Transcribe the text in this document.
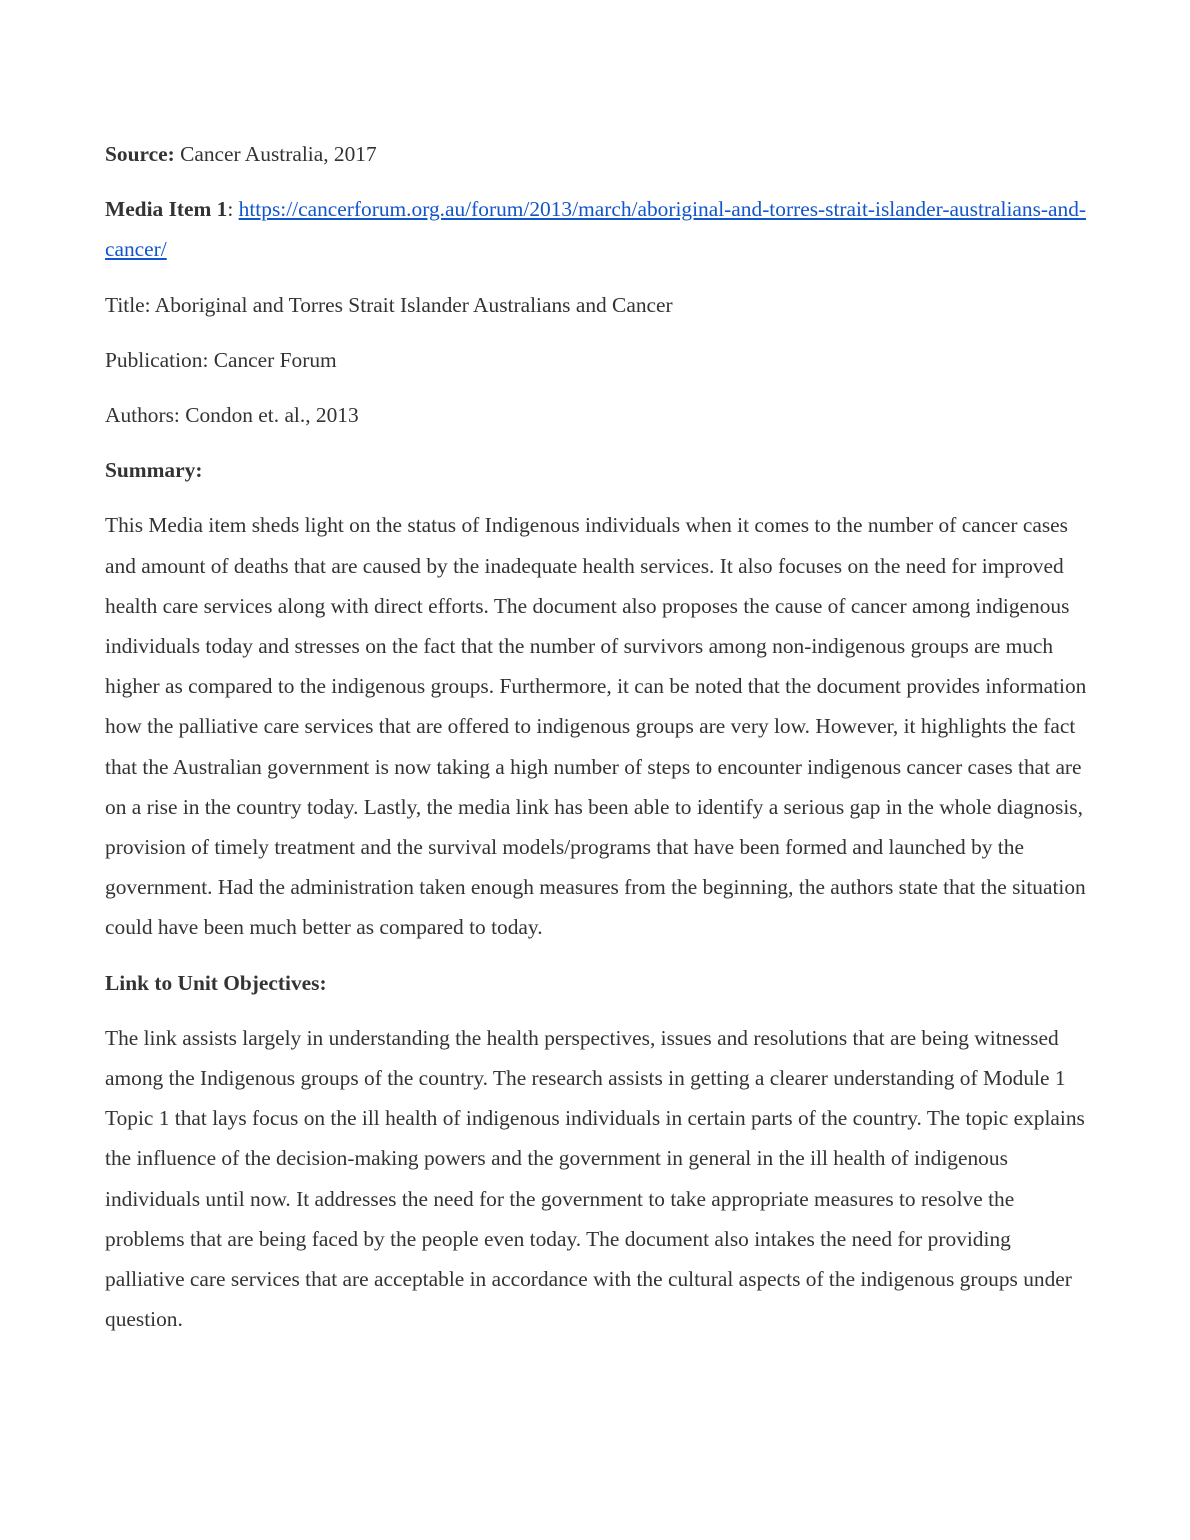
Source: Cancer Australia, 2017

Media Item 1: https://cancerforum.org.au/forum/2013/march/aboriginal-and-torres-strait-islander-australians-and-cancer/

Title: Aboriginal and Torres Strait Islander Australians and Cancer

Publication: Cancer Forum

Authors: Condon et. al., 2013

Summary:

This Media item sheds light on the status of Indigenous individuals when it comes to the number of cancer cases and amount of deaths that are caused by the inadequate health services. It also focuses on the need for improved health care services along with direct efforts. The document also proposes the cause of cancer among indigenous individuals today and stresses on the fact that the number of survivors among non-indigenous groups are much higher as compared to the indigenous groups. Furthermore, it can be noted that the document provides information how the palliative care services that are offered to indigenous groups are very low. However, it highlights the fact that the Australian government is now taking a high number of steps to encounter indigenous cancer cases that are on a rise in the country today. Lastly, the media link has been able to identify a serious gap in the whole diagnosis, provision of timely treatment and the survival models/programs that have been formed and launched by the government. Had the administration taken enough measures from the beginning, the authors state that the situation could have been much better as compared to today.

Link to Unit Objectives:

The link assists largely in understanding the health perspectives, issues and resolutions that are being witnessed among the Indigenous groups of the country. The research assists in getting a clearer understanding of Module 1 Topic 1 that lays focus on the ill health of indigenous individuals in certain parts of the country. The topic explains the influence of the decision-making powers and the government in general in the ill health of indigenous individuals until now. It addresses the need for the government to take appropriate measures to resolve the problems that are being faced by the people even today. The document also intakes the need for providing palliative care services that are acceptable in accordance with the cultural aspects of the indigenous groups under question.
